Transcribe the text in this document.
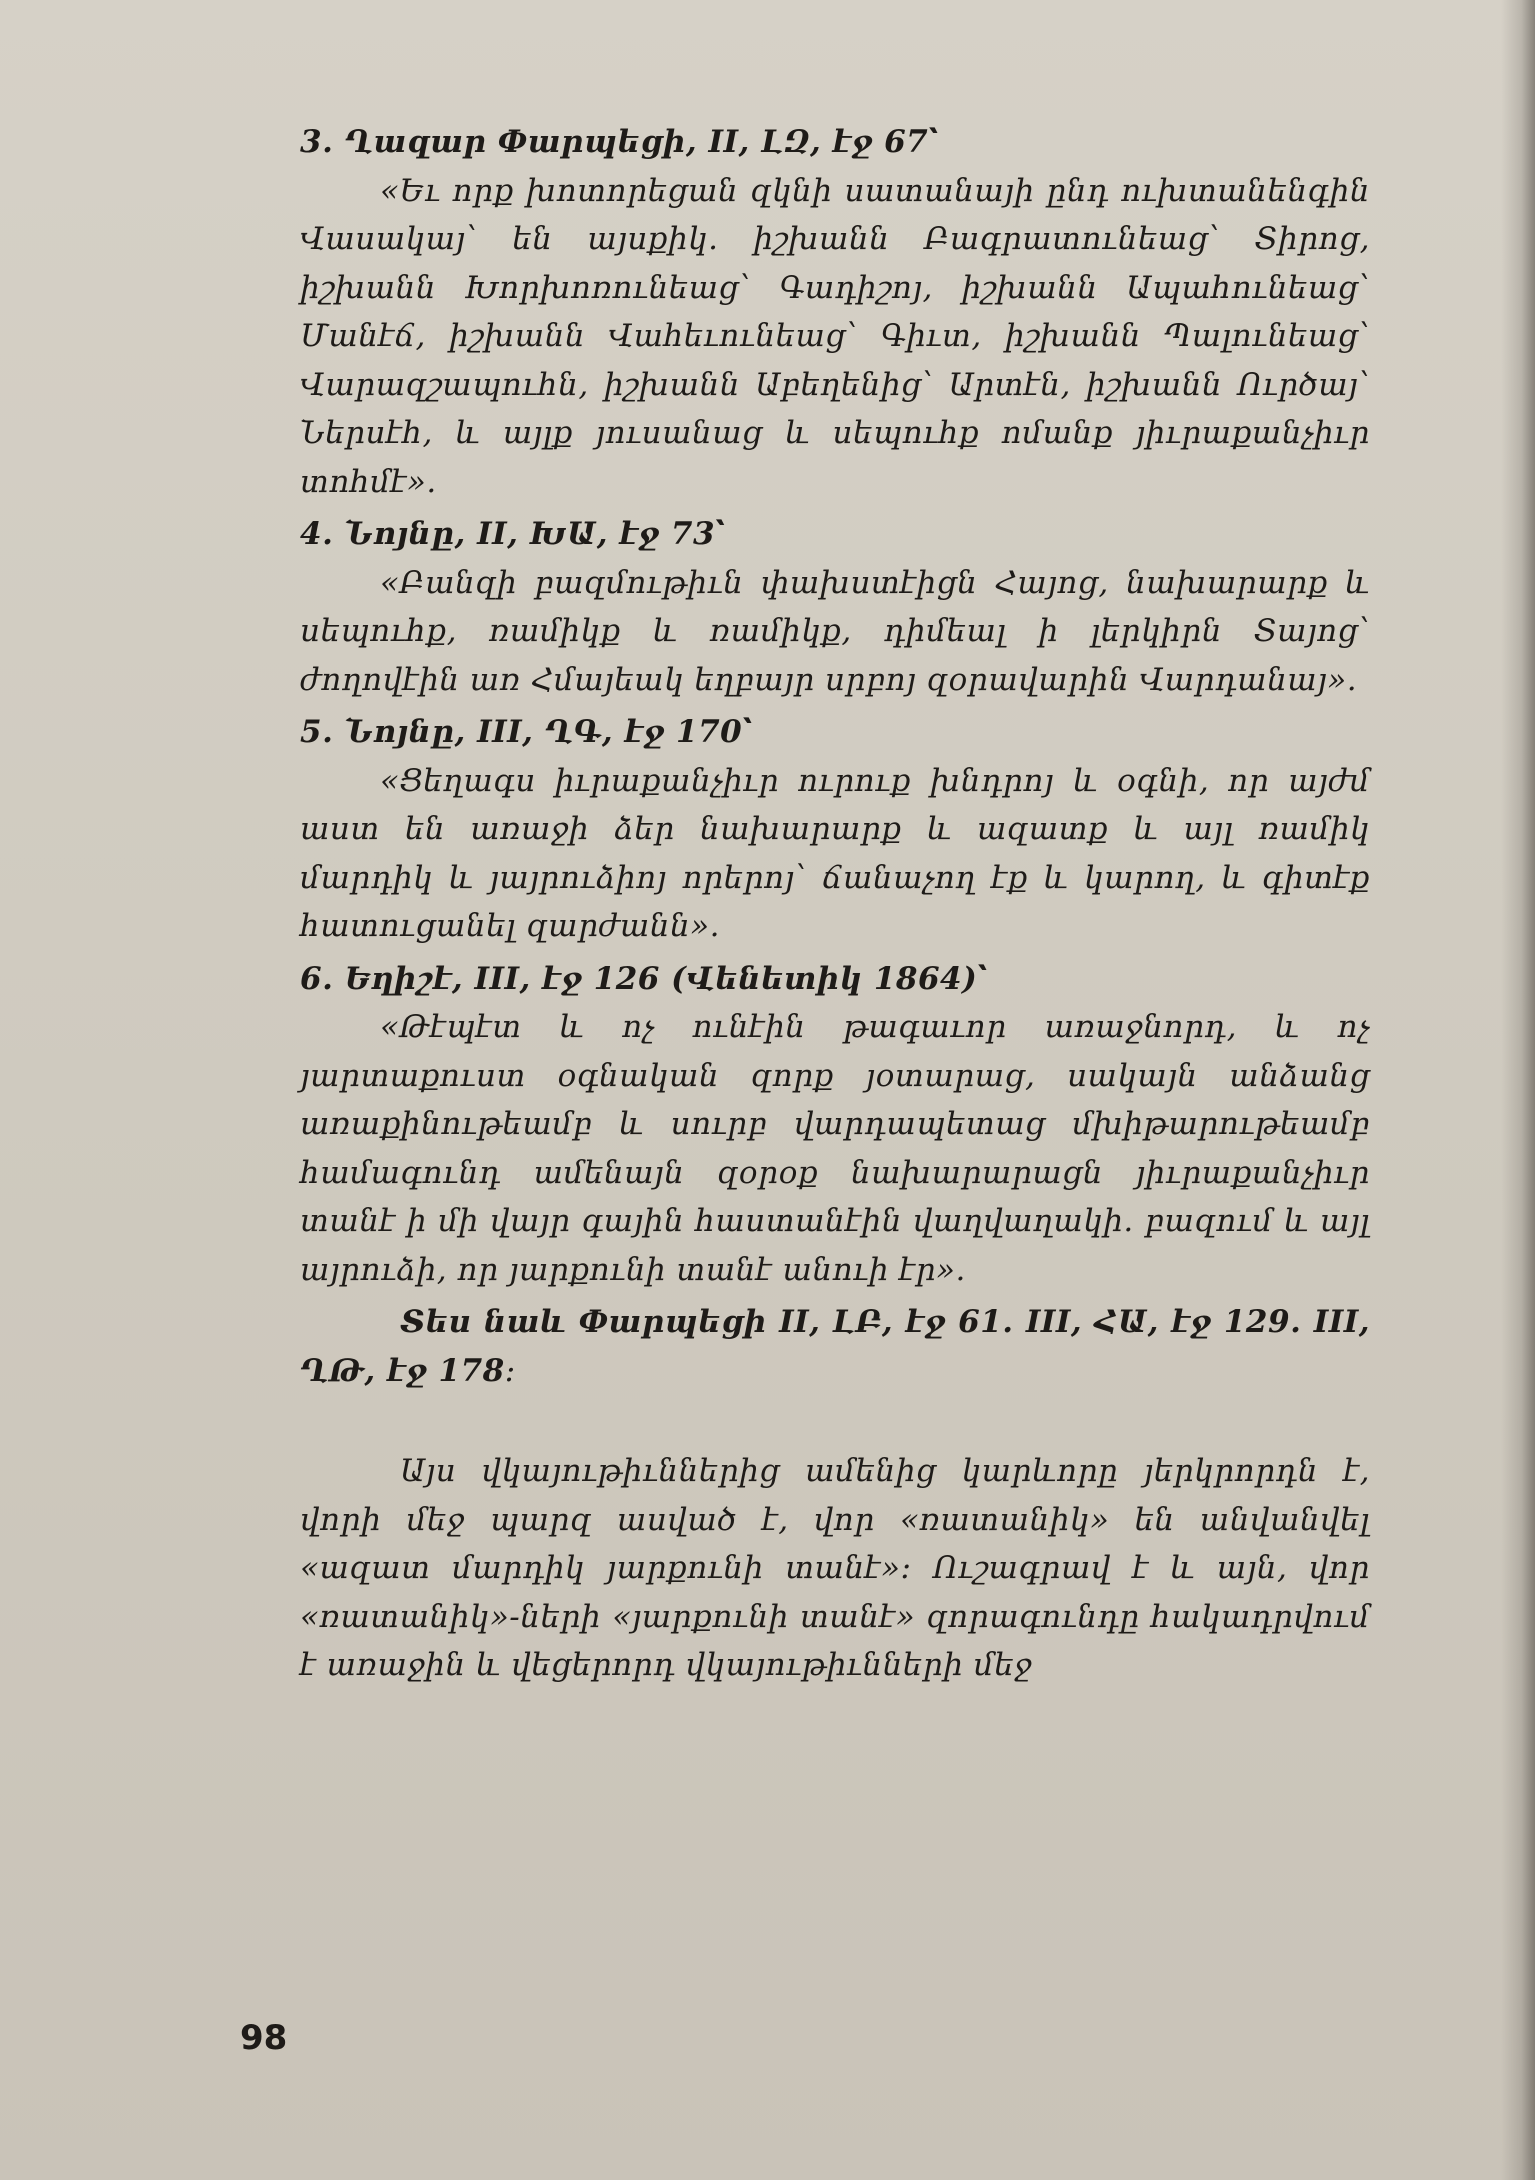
3. Ղազար Փարպեցի, II, ԼԶ, էջ 67՝

«Եւ որք խոտորեցան զկնի սատանայի ընդ ուխտանենգին Վասակայ՝ են այսքիկ. իշխանն Բագրատունեաց՝ Տիրոց, իշխանն Խորխոռունեաց՝ Գադիշոյ, իշխանն Ապահունեաց՝ Մանէճ, իշխանն Վահեւունեաց՝ Գիւտ, իշխանն Պալունեաց՝ Վարազշապուհն, իշխանն Աբեղենից՝ Արտէն, իշխանն Ուրծայ՝ Ներսէհ, և այլք յուսանաց և սեպուհք ոմանք յիւրաքանչիւր տոհմէ».

4. Նոյնը, II, ԽԱ, էջ 73՝

«Բանզի բազմութիւն փախստէիցն Հայոց, նախարարք և սեպուհք, ռամիկք և ռամիկք, դիմեալ ի լերկիրն Տայոց՝ ժողովէին առ Հմայեակ եղբայր սրբոյ զօրավարին Վարդանայ».

5. Նոյնը, III, ՂԳ, էջ 170՝

«Ցեղագս իւրաքանչիւր ուրուք խնդրոյ և օգնի, որ այժմ աստ են առաջի ձեր նախարարք և ազատք և այլ ռամիկ մարդիկ և յայրուձիոյ որերոյ՝ ճանաչող էք և կարող, և գիտէք հատուցանել զարժանն».

6. Եղիշէ, III, էջ 126 (Վենետիկ 1864)՝

«Թէպէտ և ոչ ունէին թագաւոր առաջնորդ, և ոչ յարտաքուստ օգնական զորք յօտարաց, սակայն անձանց առաքինութեամբ և սուրբ վարդապետաց մխիթարութեամբ համագունդ ամենայն զօրօք նախարարացն յիւրաքանչիւր տանէ ի մի վայր գային հաստանէին վաղվաղակի. բազում և այլ այրուձի, որ յարքունի տանէ անուի էր».

Տես նաև Փարպեցի II, ԼԲ, էջ 61. III, ՀԱ, էջ 129. III, ՂԹ, էջ 178։

Այս վկայութիւններից ամենից կարևորը յերկրորդն է, վորի մեջ պարզ ասված է, վոր «ռատանիկ» են անվանվել «ազատ մարդիկ յարքունի տանէ»։ Ուշագրավ է և այն, վոր «ռատանիկ»-ների «յարքունի տանէ» զորագունդը հակադրվում է առաջին և վեցերորդ վկայութիւնների մեջ

98
